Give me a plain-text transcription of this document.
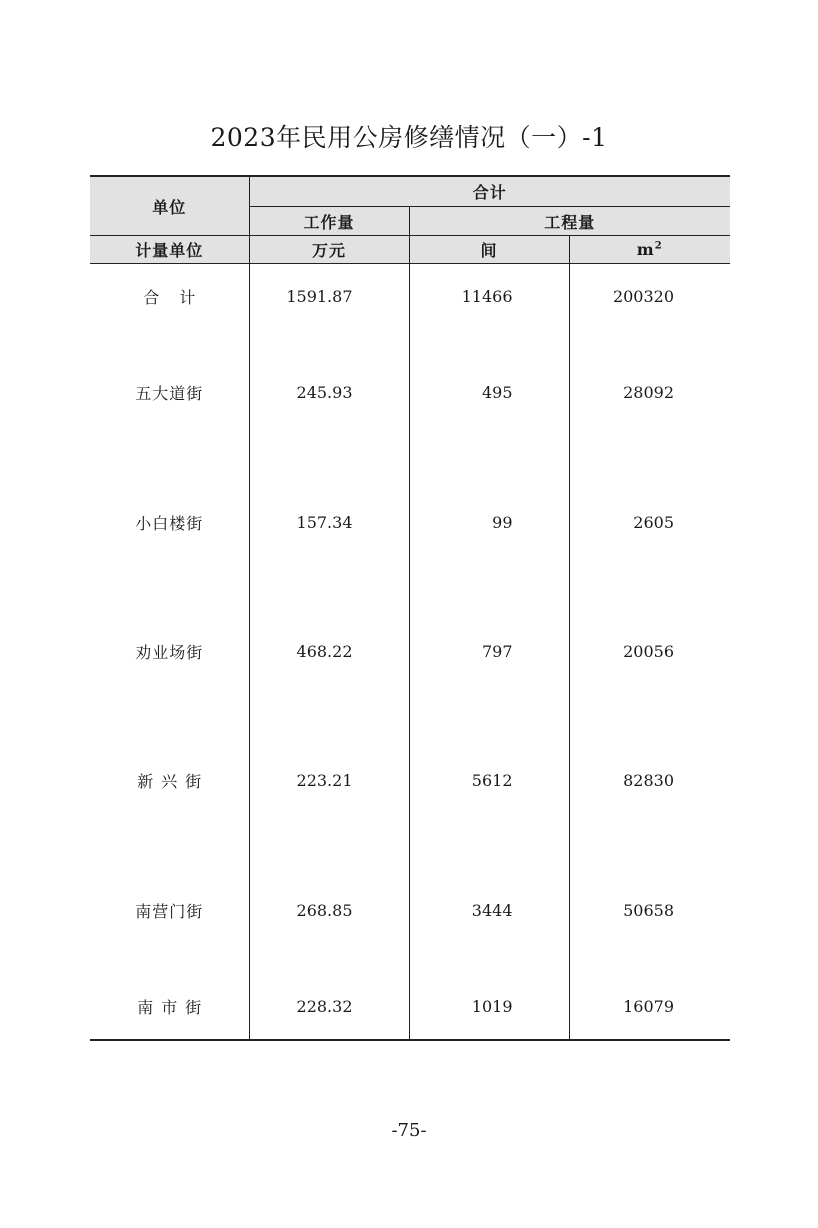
2023年民用公房修缮情况（一）-1
单位	合计		
	工作量	工程量	
计量单位	万元	间	$m^2$
合计	1591.87	11466	200320
五大道街	245.93	495	28092
小白楼街	157.34	99	2605
劝业场街	468.22	797	20056
新兴街	223.21	5612	82830
南营门街	268.85	3444	50658
南市街	228.32	1019	16079
-75-
